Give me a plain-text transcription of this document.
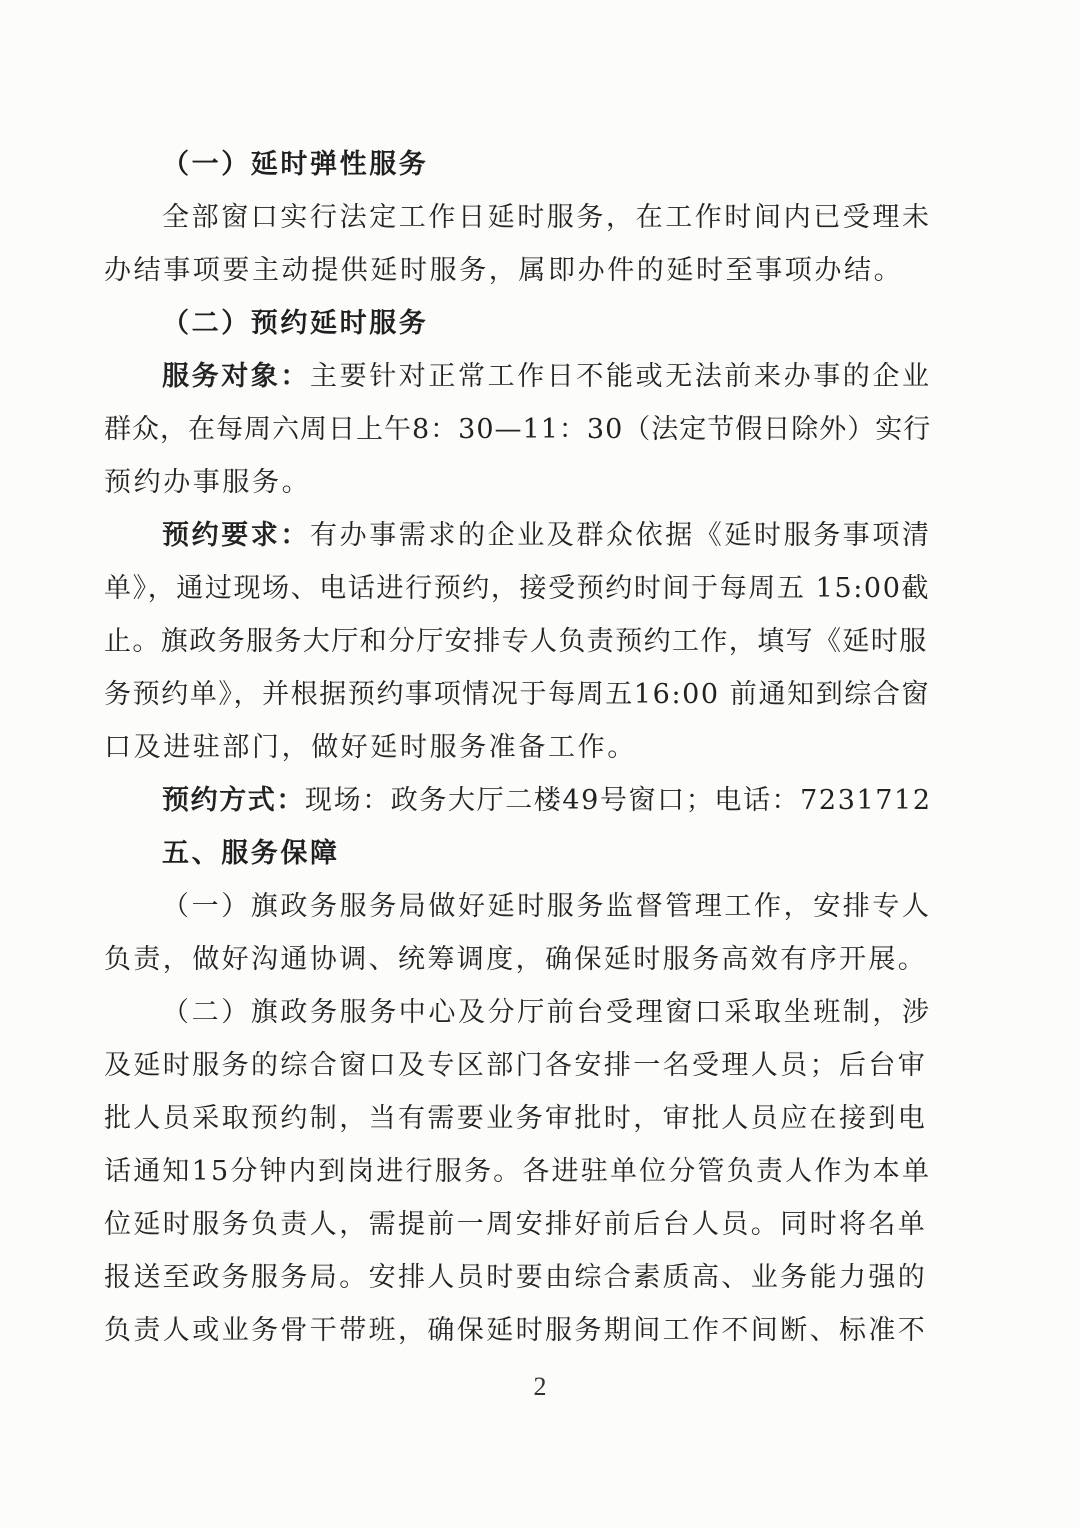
（一）延时弹性服务
全部窗口实行法定工作日延时服务，在工作时间内已受理未
办结事项要主动提供延时服务，属即办件的延时至事项办结。
（二）预约延时服务
服务对象：主要针对正常工作日不能或无法前来办事的企业
群众，在每周六周日上午8：30—11：30（法定节假日除外）实行
预约办事服务。
预约要求：有办事需求的企业及群众依据《延时服务事项清
单》，通过现场、电话进行预约，接受预约时间于每周五 15:00截
止。旗政务服务大厅和分厅安排专人负责预约工作，填写《延时服
务预约单》，并根据预约事项情况于每周五16:00 前通知到综合窗
口及进驻部门，做好延时服务准备工作。
预约方式：现场：政务大厅二楼49号窗口；电话：7231712
五、服务保障
（一）旗政务服务局做好延时服务监督管理工作，安排专人
负责，做好沟通协调、统筹调度，确保延时服务高效有序开展。
（二）旗政务服务中心及分厅前台受理窗口采取坐班制，涉
及延时服务的综合窗口及专区部门各安排一名受理人员；后台审
批人员采取预约制，当有需要业务审批时，审批人员应在接到电
话通知15分钟内到岗进行服务。各进驻单位分管负责人作为本单
位延时服务负责人，需提前一周安排好前后台人员。同时将名单
报送至政务服务局。安排人员时要由综合素质高、业务能力强的
负责人或业务骨干带班，确保延时服务期间工作不间断、标准不
2
